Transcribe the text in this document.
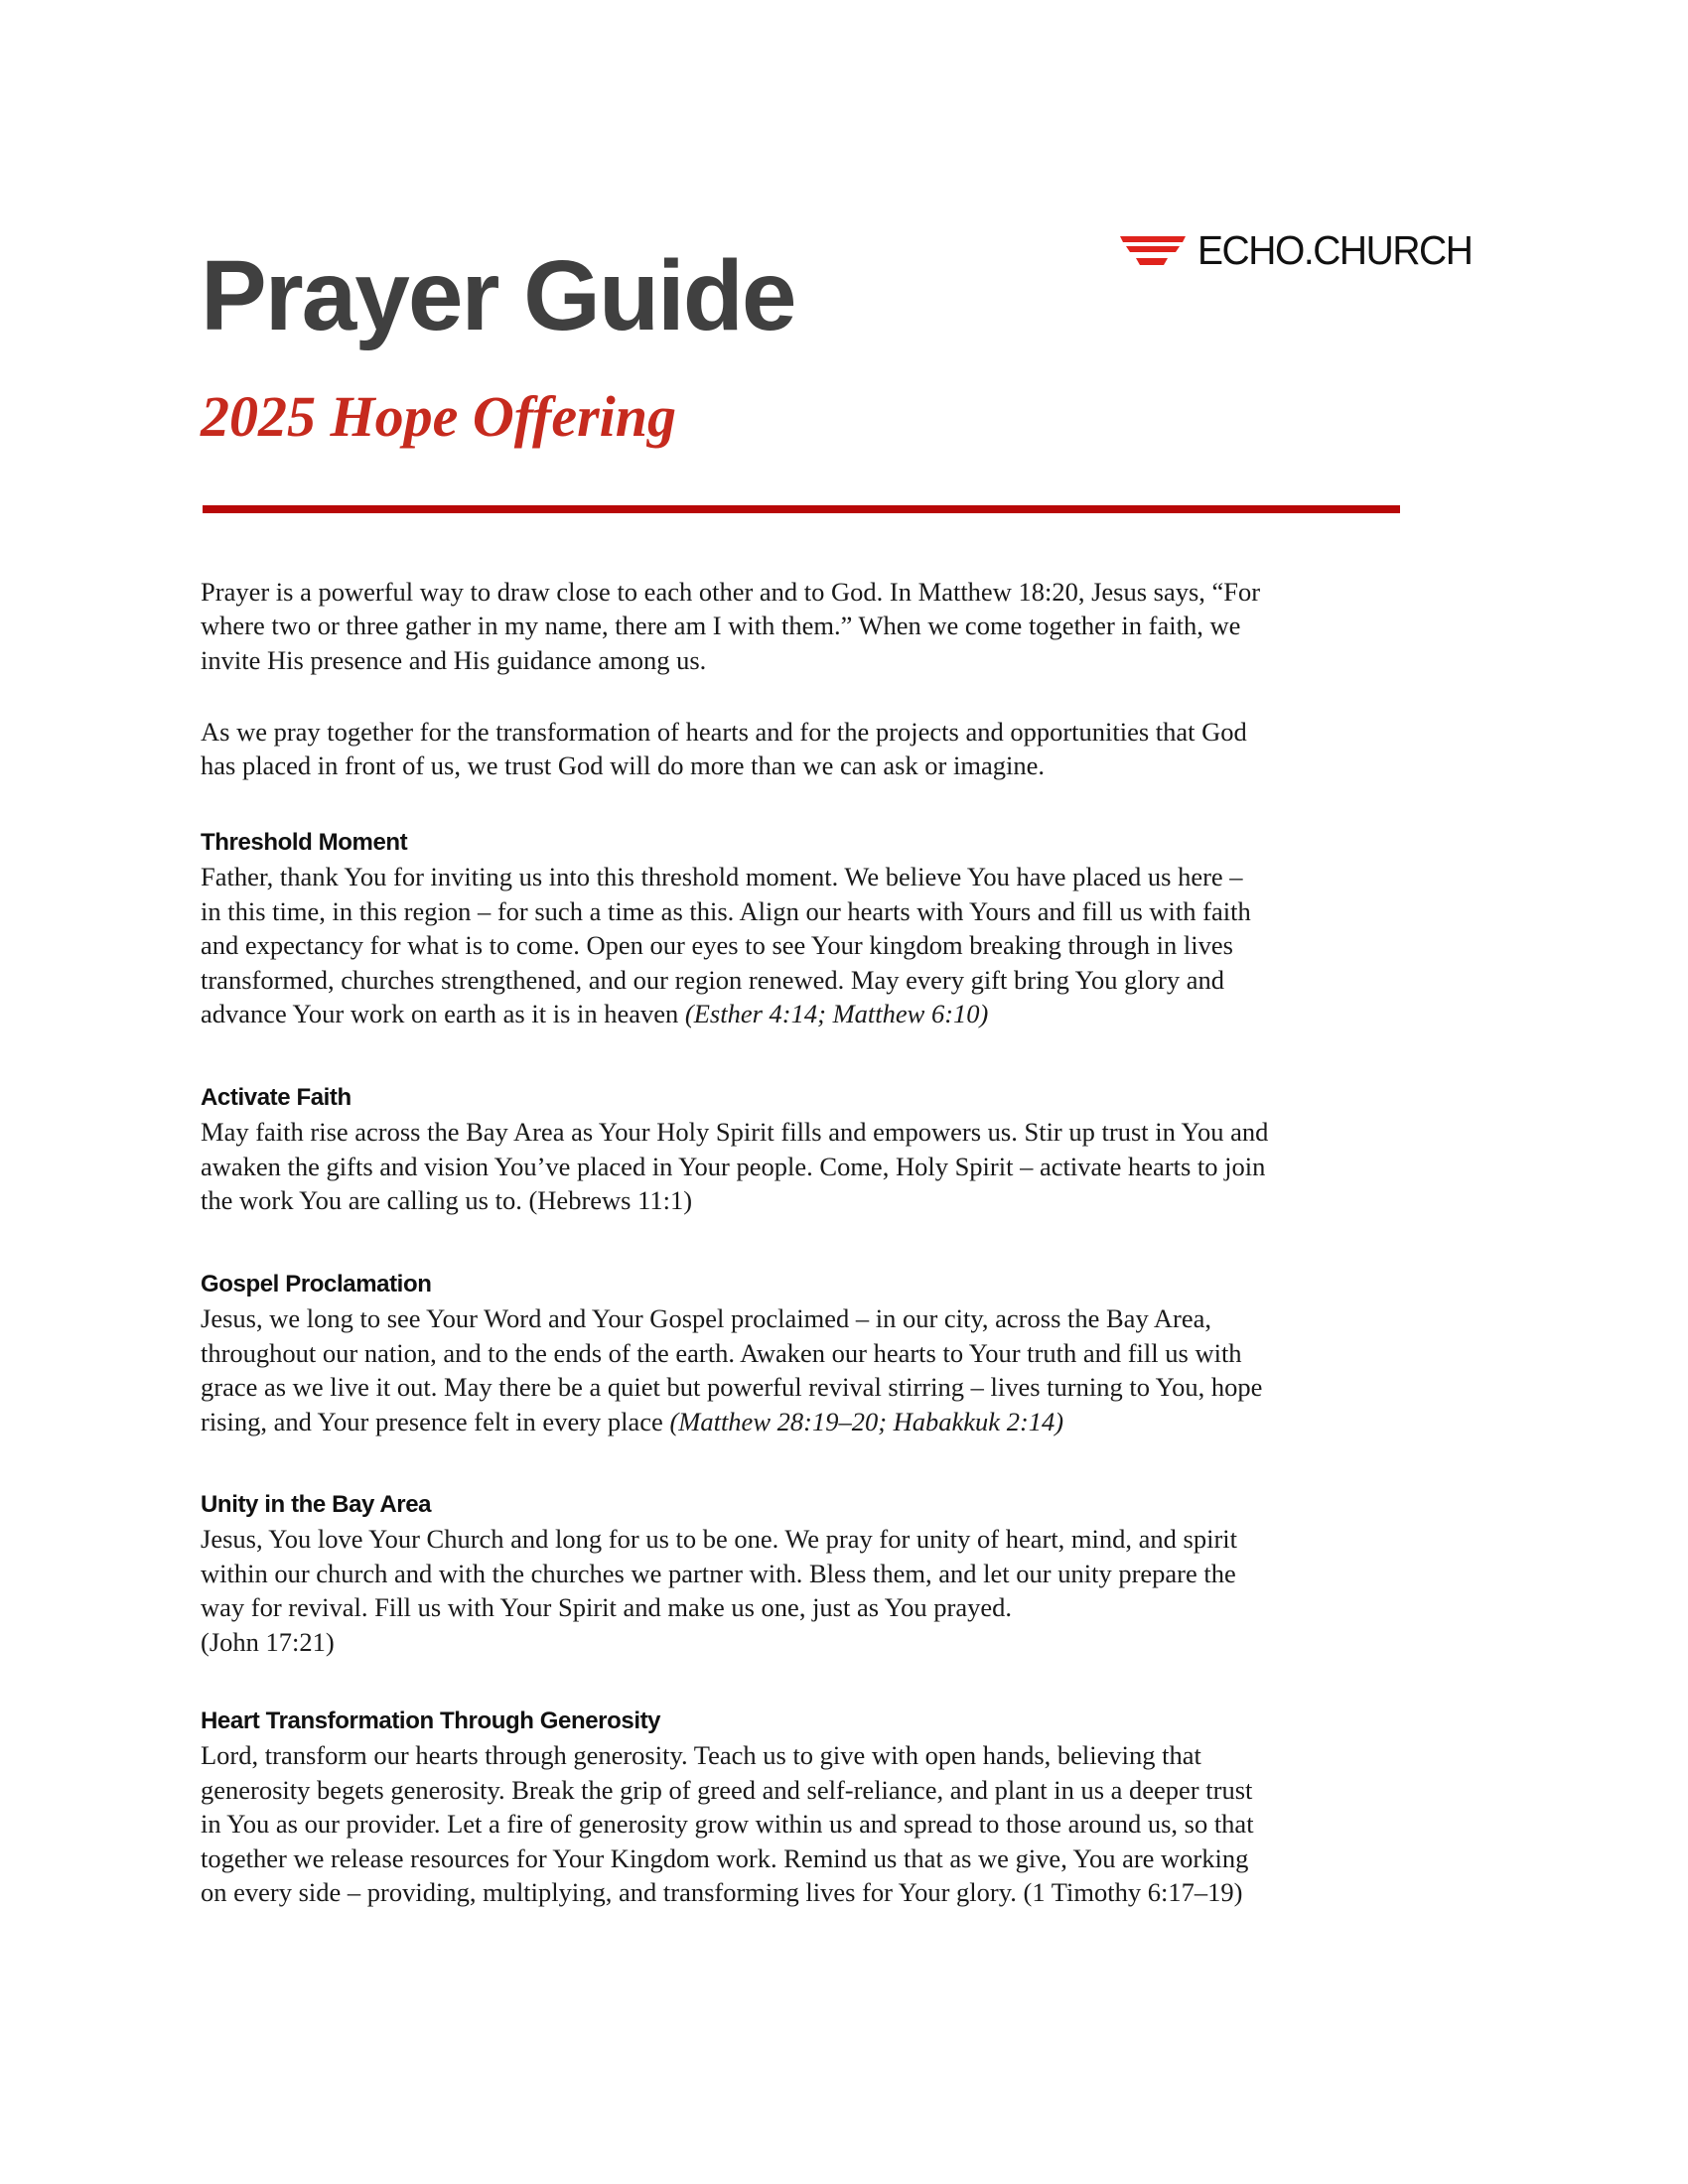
Prayer Guide
2025 Hope Offering
ECHO.CHURCH
Prayer is a powerful way to draw close to each other and to God. In Matthew 18:20, Jesus says, “For
where two or three gather in my name, there am I with them.” When we come together in faith, we
invite His presence and His guidance among us.
As we pray together for the transformation of hearts and for the projects and opportunities that God
has placed in front of us, we trust God will do more than we can ask or imagine.
Threshold Moment
Father, thank You for inviting us into this threshold moment. We believe You have placed us here –
in this time, in this region – for such a time as this. Align our hearts with Yours and fill us with faith
and expectancy for what is to come. Open our eyes to see Your kingdom breaking through in lives
transformed, churches strengthened, and our region renewed. May every gift bring You glory and
advance Your work on earth as it is in heaven (Esther 4:14; Matthew 6:10)
Activate Faith
May faith rise across the Bay Area as Your Holy Spirit fills and empowers us. Stir up trust in You and
awaken the gifts and vision You’ve placed in Your people. Come, Holy Spirit – activate hearts to join
the work You are calling us to. (Hebrews 11:1)
Gospel Proclamation
Jesus, we long to see Your Word and Your Gospel proclaimed – in our city, across the Bay Area,
throughout our nation, and to the ends of the earth. Awaken our hearts to Your truth and fill us with
grace as we live it out. May there be a quiet but powerful revival stirring – lives turning to You, hope
rising, and Your presence felt in every place (Matthew 28:19–20; Habakkuk 2:14)
Unity in the Bay Area
Jesus, You love Your Church and long for us to be one. We pray for unity of heart, mind, and spirit
within our church and with the churches we partner with. Bless them, and let our unity prepare the
way for revival. Fill us with Your Spirit and make us one, just as You prayed.
(John 17:21)
Heart Transformation Through Generosity
Lord, transform our hearts through generosity. Teach us to give with open hands, believing that
generosity begets generosity. Break the grip of greed and self-reliance, and plant in us a deeper trust
in You as our provider. Let a fire of generosity grow within us and spread to those around us, so that
together we release resources for Your Kingdom work. Remind us that as we give, You are working
on every side – providing, multiplying, and transforming lives for Your glory. (1 Timothy 6:17–19)
